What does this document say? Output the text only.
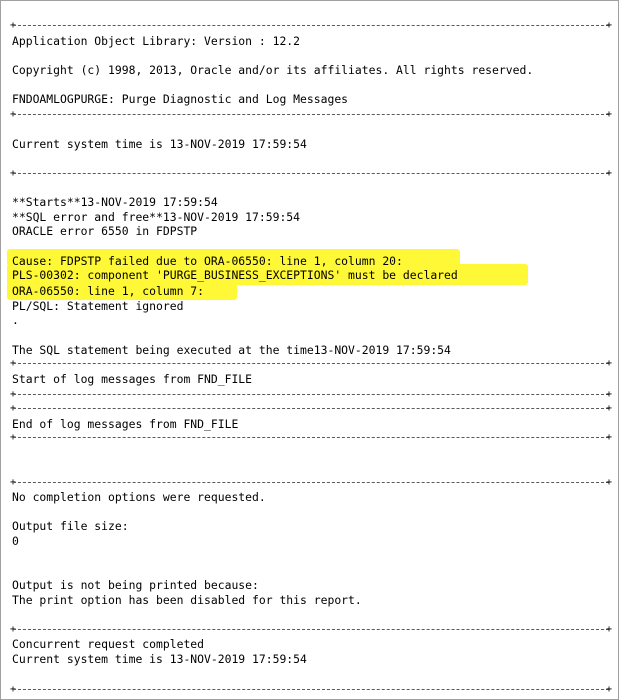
+	+
Application Object Library: Version : 12.2
Copyright (c) 1998, 2013, Oracle and/or its affiliates. All rights reserved.
FNDOAMLOGPURGE: Purge Diagnostic and Log Messages
+	+
Current system time is 13-NOV-2019 17:59:54
+	+
**Starts**13-NOV-2019 17:59:54
**SQL error and free**13-NOV-2019 17:59:54
ORACLE error 6550 in FDPSTP
Cause: FDPSTP failed due to ORA-06550: line 1, column 20:
PLS-00302: component 'PURGE_BUSINESS_EXCEPTIONS' must be declared
ORA-06550: line 1, column 7:
PL/SQL: Statement ignored
.
The SQL statement being executed at the time13-NOV-2019 17:59:54
+	+
Start of log messages from FND_FILE
+	+
+	+
End of log messages from FND_FILE
+	+
+	+
No completion options were requested.
Output file size:
0
Output is not being printed because:
The print option has been disabled for this report.
+	+
Concurrent request completed
Current system time is 13-NOV-2019 17:59:54
+	+
